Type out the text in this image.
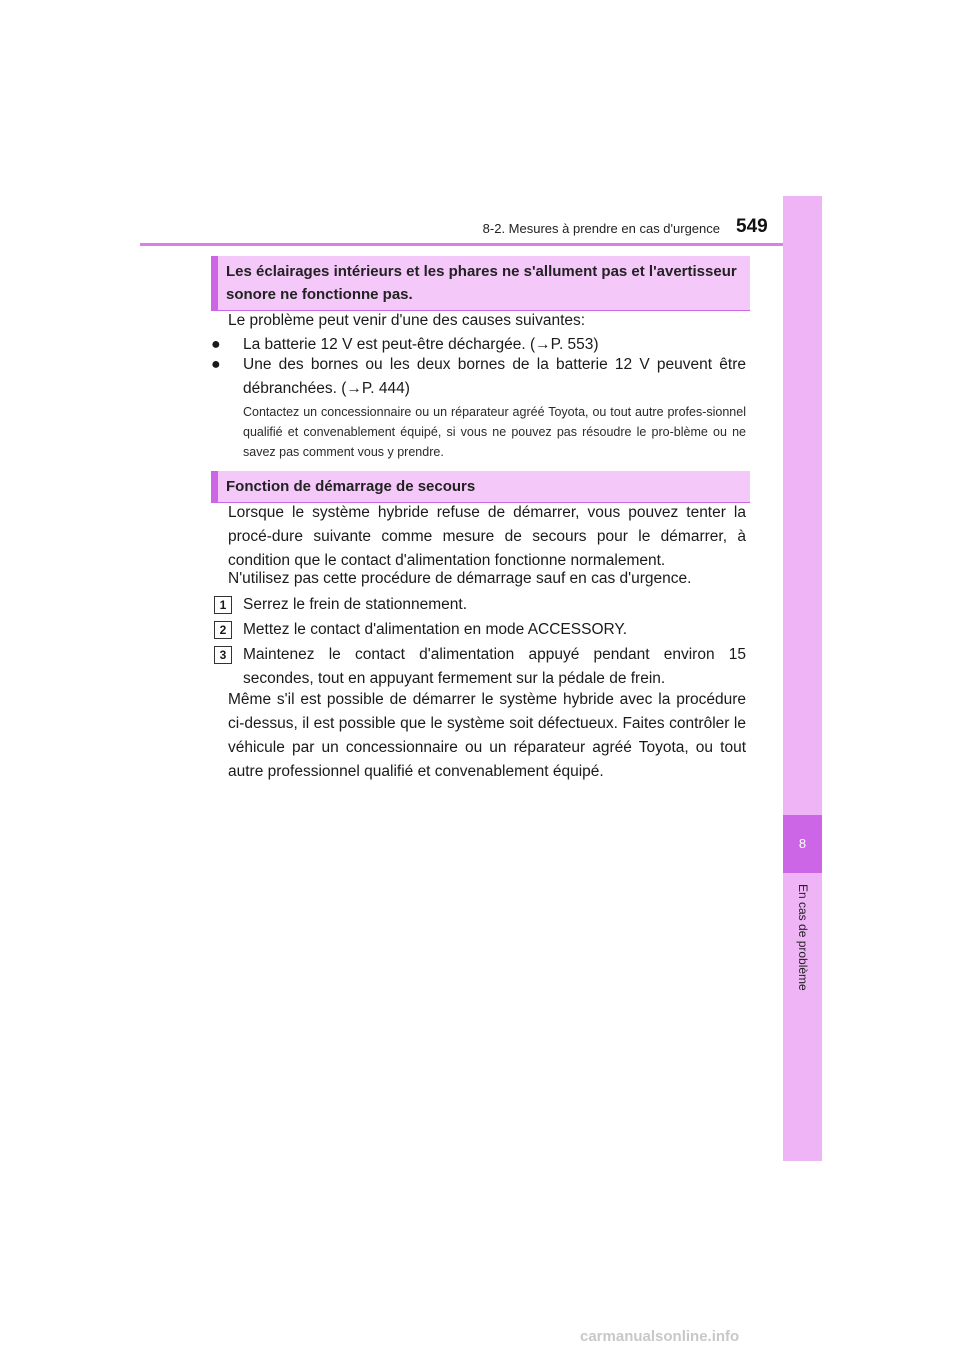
8-2. Mesures à prendre en cas d'urgence 549
8
En cas de problème
Les éclairages intérieurs et les phares ne s'allument pas et l'avertisseur sonore ne fonctionne pas.
Le problème peut venir d'une des causes suivantes:
● La batterie 12 V est peut-être déchargée. (→P. 553)
● Une des bornes ou les deux bornes de la batterie 12 V peuvent être débranchées. (→P. 444)
Contactez un concessionnaire ou un réparateur agréé Toyota, ou tout autre profes-sionnel qualifié et convenablement équipé, si vous ne pouvez pas résoudre le pro-blème ou ne savez pas comment vous y prendre.
Fonction de démarrage de secours
Lorsque le système hybride refuse de démarrer, vous pouvez tenter la procé-dure suivante comme mesure de secours pour le démarrer, à condition que le contact d'alimentation fonctionne normalement.
N'utilisez pas cette procédure de démarrage sauf en cas d'urgence.
1	Serrez le frein de stationnement.
2	Mettez le contact d'alimentation en mode ACCESSORY.
3	Maintenez le contact d'alimentation appuyé pendant environ 15 secondes, tout en appuyant fermement sur la pédale de frein.
Même s'il est possible de démarrer le système hybride avec la procédure ci-dessus, il est possible que le système soit défectueux. Faites contrôler le véhicule par un concessionnaire ou un réparateur agréé Toyota, ou tout autre professionnel qualifié et convenablement équipé.
carmanualsonline.info
